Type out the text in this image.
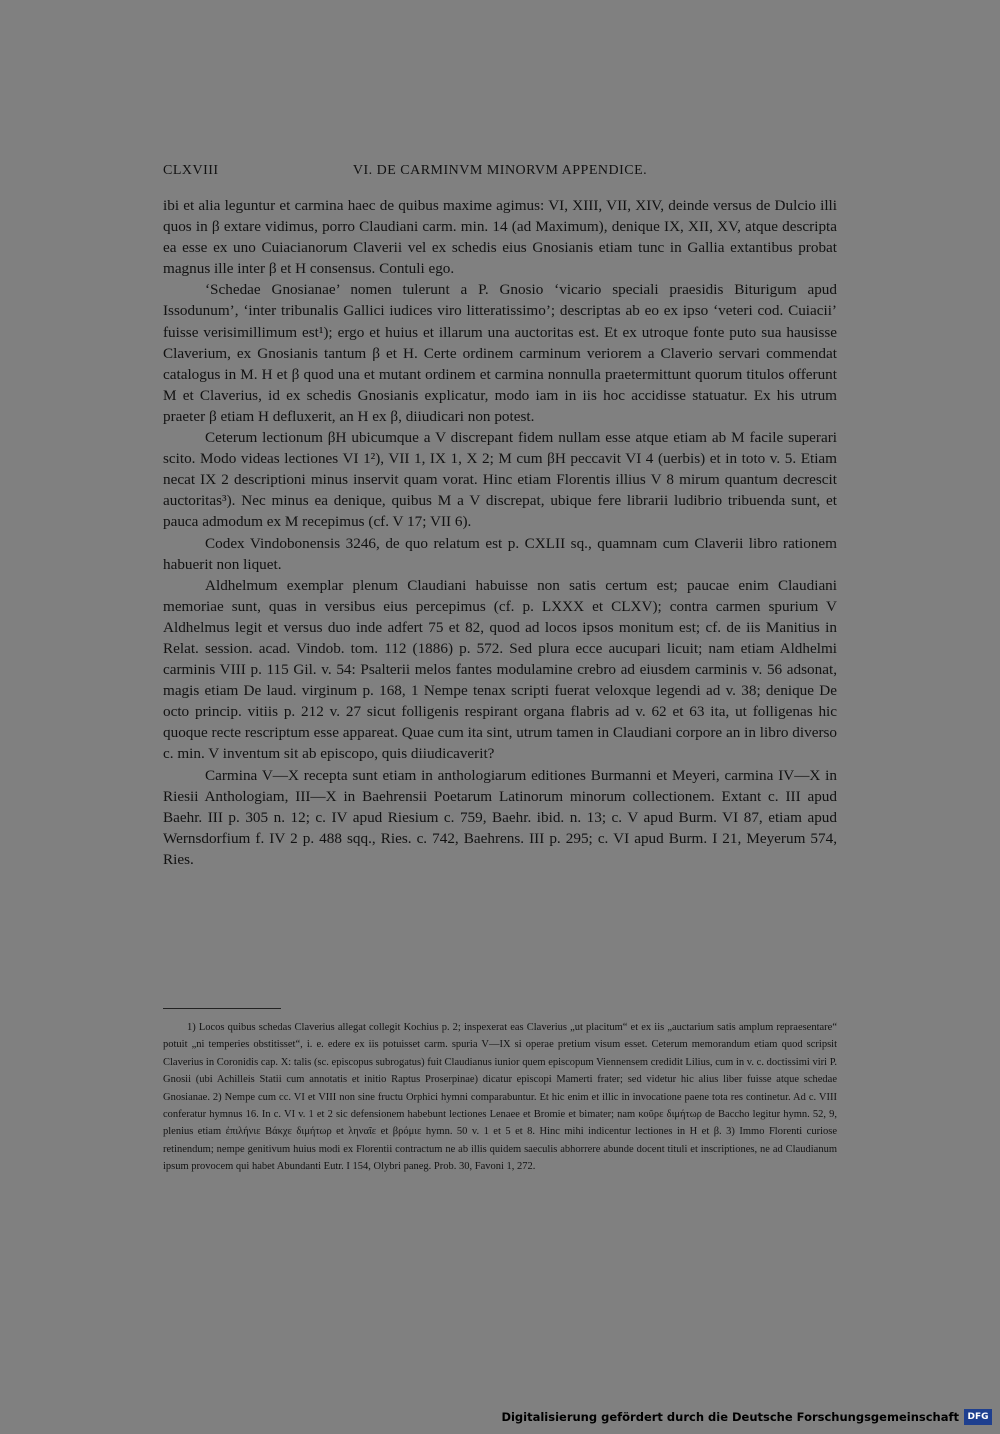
CLXVIII	VI. DE CARMINVM MINORVM APPENDICE.

ibi et alia leguntur et carmina haec de quibus maxime agimus: VI, XIII, VII, XIV, deinde versus de Dulcio illi quos in β extare vidimus, porro Claudiani carm. min. 14 (ad Maximum), denique IX, XII, XV, atque descripta ea esse ex uno Cuiacianorum Claverii vel ex schedis eius Gnosianis etiam tunc in Gallia extantibus probat magnus ille inter β et H consensus. Contuli ego.

‘Schedae Gnosianae’ nomen tulerunt a P. Gnosio ‘vicario speciali praesidis Biturigum apud Issodunum’, ‘inter tribunalis Gallici iudices viro litteratissimo’; descriptas ab eo ex ipso ‘veteri cod. Cuiacii’ fuisse verisimillimum est¹); ergo et huius et illarum una auctoritas est. Et ex utroque fonte puto sua hausisse Claverium, ex Gnosianis tantum β et H. Certe ordinem carminum veriorem a Claverio servari commendat catalogus in M. H et β quod una et mutant ordinem et carmina nonnulla praetermittunt quorum titulos offerunt M et Claverius, id ex schedis Gnosianis explicatur, modo iam in iis hoc accidisse statuatur. Ex his utrum praeter β etiam H defluxerit, an H ex β, diiudicari non potest.

Ceterum lectionum βH ubicumque a V discrepant fidem nullam esse atque etiam ab M facile superari scito. Modo videas lectiones VI 1²), VII 1, IX 1, X 2; M cum βH peccavit VI 4 (uerbis) et in toto v. 5. Etiam necat IX 2 descriptioni minus inservit quam vorat. Hinc etiam Florentis illius V 8 mirum quantum decrescit auctoritas³). Nec minus ea denique, quibus M a V discrepat, ubique fere librarii ludibrio tribuenda sunt, et pauca admodum ex M recepimus (cf. V 17; VII 6).

Codex Vindobonensis 3246, de quo relatum est p. CXLII sq., quamnam cum Claverii libro rationem habuerit non liquet.

Aldhelmum exemplar plenum Claudiani habuisse non satis certum est; paucae enim Claudiani memoriae sunt, quas in versibus eius percepimus (cf. p. LXXX et CLXV); contra carmen spurium V Aldhelmus legit et versus duo inde adfert 75 et 82, quod ad locos ipsos monitum est; cf. de iis Manitius in Relat. session. acad. Vindob. tom. 112 (1886) p. 572. Sed plura ecce aucupari licuit; nam etiam Aldhelmi carminis VIII p. 115 Gil. v. 54: Psalterii melos fantes modulamine crebro ad eiusdem carminis v. 56 adsonat, magis etiam De laud. virginum p. 168, 1 Nempe tenax scripti fuerat veloxque legendi ad v. 38; denique De octo princip. vitiis p. 212 v. 27 sicut folligenis respirant organa flabris ad v. 62 et 63 ita, ut folligenas hic quoque recte rescriptum esse appareat. Quae cum ita sint, utrum tamen in Claudiani corpore an in libro diverso c. min. V inventum sit ab episcopo, quis diiudicaverit?

Carmina V—X recepta sunt etiam in anthologiarum editiones Burmanni et Meyeri, carmina IV—X in Riesii Anthologiam, III—X in Baehrensii Poetarum Latinorum minorum collectionem. Extant c. III apud Baehr. III p. 305 n. 12; c. IV apud Riesium c. 759, Baehr. ibid. n. 13; c. V apud Burm. VI 87, etiam apud Wernsdorfium f. IV 2 p. 488 sqq., Ries. c. 742, Baehrens. III p. 295; c. VI apud Burm. I 21, Meyerum 574, Ries.

1) Locos quibus schedas Claverius allegat collegit Kochius p. 2; inspexerat eas Claverius „ut placitum“ et ex iis „auctarium satis amplum repraesentare“ potuit „ni temperies obstitisset“, i. e. edere ex iis potuisset carm. spuria V—IX si operae pretium visum esset. Ceterum memorandum etiam quod scripsit Claverius in Coronidis cap. X: talis (sc. episcopus subrogatus) fuit Claudianus iunior quem episcopum Viennensem credidit Lilius, cum in v. c. doctissimi viri P. Gnosii (ubi Achilleis Statii cum annotatis et initio Raptus Proserpinae) dicatur episcopi Mamerti frater; sed videtur hic alius liber fuisse atque schedae Gnosianae. 2) Nempe cum cc. VI et VIII non sine fructu Orphici hymni comparabuntur. Et hic enim et illic in invocatione paene tota res continetur. Ad c. VIII conferatur hymnus 16. In c. VI v. 1 et 2 sic defensionem habebunt lectiones Lenaee et Bromie et bimater; nam κοῦρε διμήτωρ de Baccho legitur hymn. 52, 9, plenius etiam ἐπιλήνιε Βάκχε διμήτωρ et ληναῖε et βρόμιε hymn. 50 v. 1 et 5 et 8. Hinc mihi indicentur lectiones in H et β. 3) Immo Florenti curiose retinendum; nempe genitivum huius modi ex Florentii contractum ne ab illis quidem saeculis abhorrere abunde docent tituli et inscriptiones, ne ad Claudianum ipsum provocem qui habet Abundanti Eutr. I 154, Olybri paneg. Prob. 30, Favoni 1, 272.

Digitalisierung gefördert durch die Deutsche Forschungsgemeinschaft DFG
